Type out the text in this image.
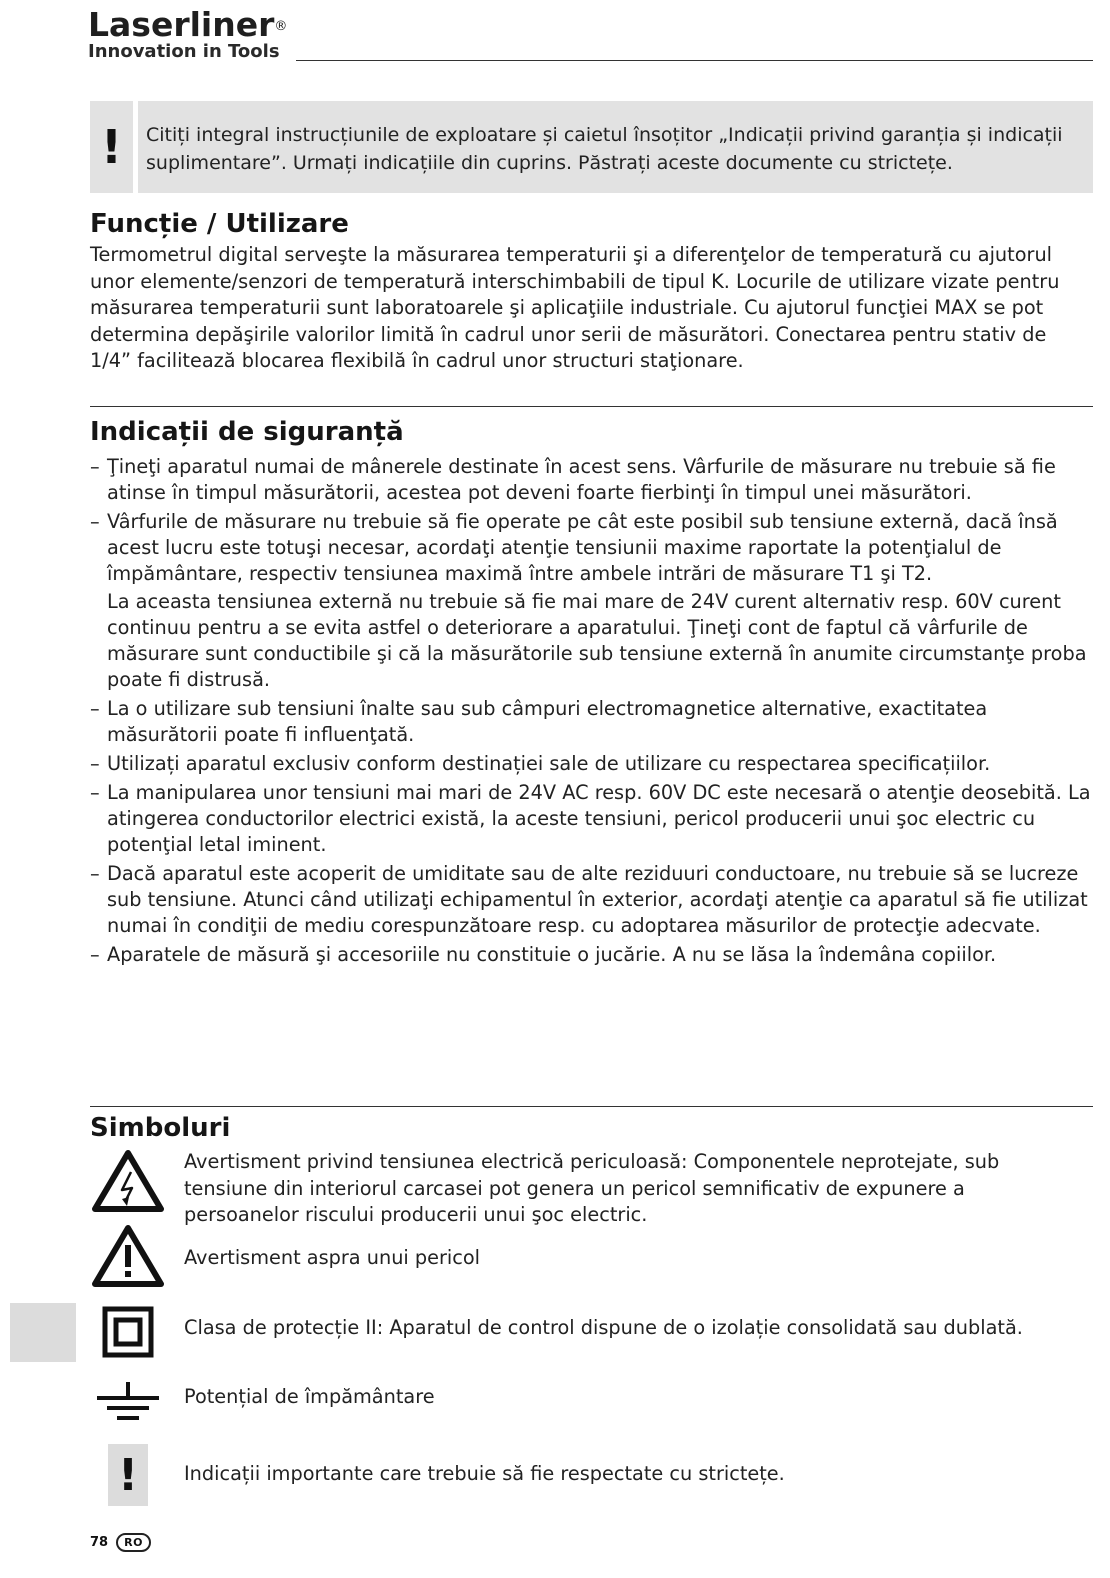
Laserliner®
Innovation in Tools
!	Citiți integral instrucțiunile de exploatare și caietul însoțitor „Indicații privind garanția și indicații suplimentare”. Urmați indicațiile din cuprins. Păstrați aceste documente cu strictețe.
Funcție / Utilizare

Termometrul digital serveşte la măsurarea temperaturii şi a diferenţelor de temperatură cu ajutorul unor elemente/senzori de temperatură interschimbabili de tipul K. Locurile de utilizare vizate pentru măsurarea temperaturii sunt laboratoarele şi aplicaţiile industriale. Cu ajutorul funcţiei MAX se pot determina depăşirile valorilor limită în cadrul unor serii de măsurători. Conectarea pentru stativ de 1/4” facilitează blocarea flexibilă în cadrul unor structuri staţionare.

Indicații de siguranță
– Ţineţi aparatul numai de mânerele destinate în acest sens. Vârfurile de măsurare nu trebuie să fie atinse în timpul măsurătorii, acestea pot deveni foarte fierbinţi în timpul unei măsurători.
– Vârfurile de măsurare nu trebuie să fie operate pe cât este posibil sub tensiune externă, dacă însă acest lucru este totuşi necesar, acordaţi atenţie tensiunii maxime raportate la potenţialul de împământare, respectiv tensiunea maximă între ambele intrări de măsurare T1 şi T2.
La aceasta tensiunea externă nu trebuie să fie mai mare de 24V curent alternativ resp. 60V curent continuu pentru a se evita astfel o deteriorare a aparatului. Ţineţi cont de faptul că vârfurile de măsurare sunt conductibile şi că la măsurătorile sub tensiune externă în anumite circumstanţe proba poate fi distrusă.
– La o utilizare sub tensiuni înalte sau sub câmpuri electromagnetice alternative, exactitatea măsurătorii poate fi influenţată.
– Utilizați aparatul exclusiv conform destinației sale de utilizare cu respectarea specificațiilor.
– La manipularea unor tensiuni mai mari de 24V AC resp. 60V DC este necesară o atenţie deosebită. La atingerea conductorilor electrici există, la aceste tensiuni, pericol producerii unui şoc electric cu potenţial letal iminent.
– Dacă aparatul este acoperit de umiditate sau de alte reziduuri conductoare, nu trebuie să se lucreze sub tensiune. Atunci când utilizaţi echipamentul în exterior, acordaţi atenţie ca aparatul să fie utilizat numai în condiţii de mediu corespunzătoare resp. cu adoptarea măsurilor de protecţie adecvate.
– Aparatele de măsură şi accesoriile nu constituie o jucărie. A nu se lăsa la îndemâna copiilor.
Simboluri

Avertisment privind tensiunea electrică periculoasă: Componentele neprotejate, sub tensiune din interiorul carcasei pot genera un pericol semnificativ de expunere a persoanelor riscului producerii unui şoc electric.

Avertisment aspra unui pericol

Clasa de protecție II: Aparatul de control dispune de o izolație consolidată sau dublată.

Potențial de împământare

!	Indicații importante care trebuie să fie respectate cu strictețe.

78	RO
